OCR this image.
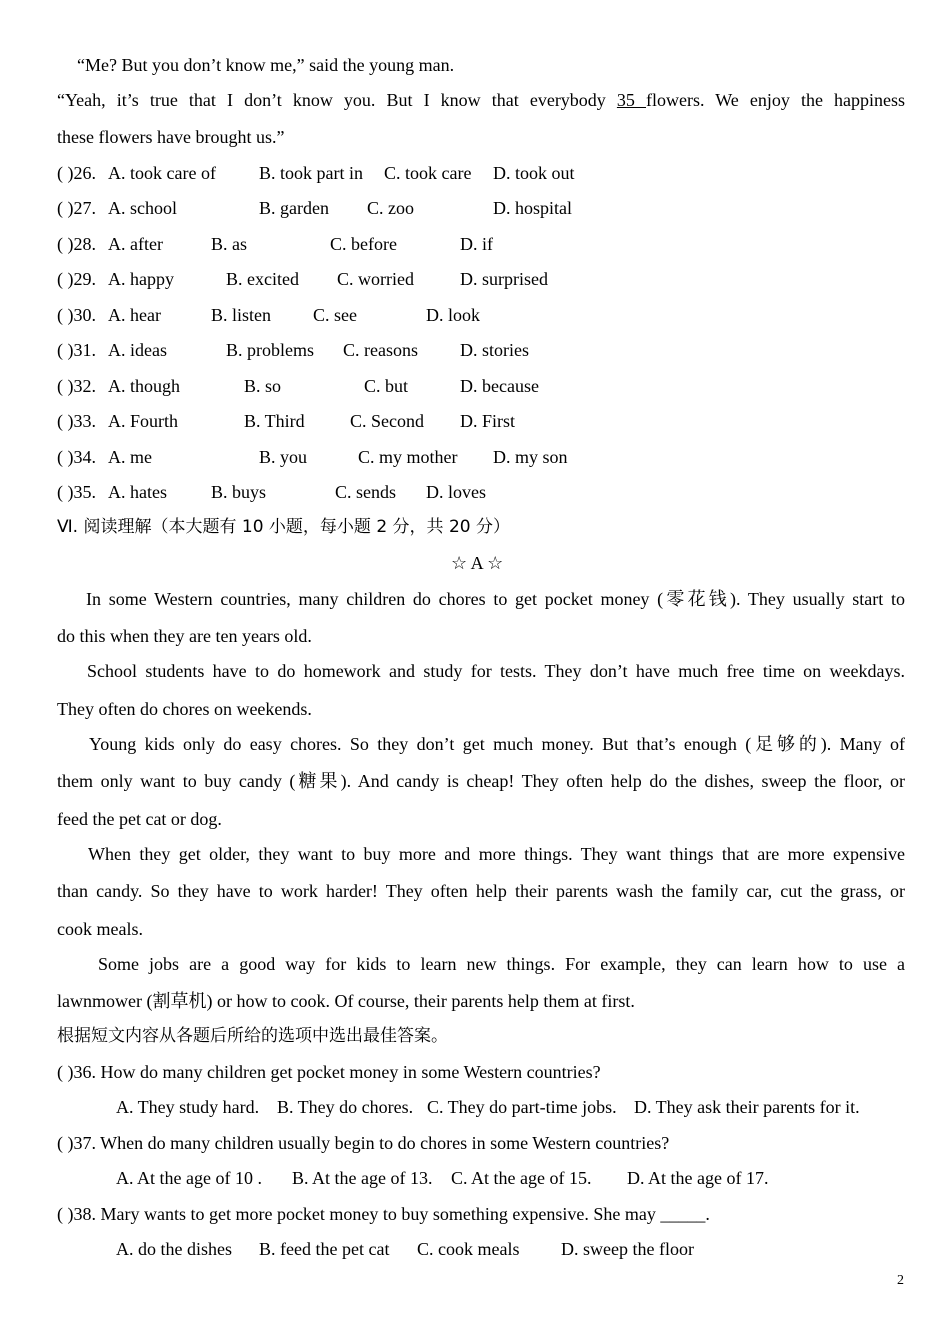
“Me? But you don’t know me,” said the young man.
“Yeah, it’s true that I don’t know you. But I know that everybody 35 flowers. We enjoy the happiness
these flowers have brought us.”
( )26. A. took care of B. took part in C. took care D. took out
( )27. A. school	B. garden C. zoo	D. hospital
( )28. A. after	B. as	C. before	D. if
( )29. A. happy	B. excited C. worried	D. surprised
( )30. A. hear	B. listen C. see	D. look
( )31. A. ideas	B. problems C. reasons D. stories
( )32. A. though	B. so	C. but	D. because
( )33. A. Fourth	B. Third	C. Second D. First
( )34. A. me	B. you	C. my mother D. my son
( )35. A. hates B. buys	C. sends D. loves
Ⅵ. 阅读理解（本大题有 10 小题，每小题 2 分，共 20 分）
☆ A ☆
In some Western countries, many children do chores to get pocket money (零花钱). They usually start to
do this when they are ten years old.
School students have to do homework and study for tests. They don’t have much free time on weekdays.
They often do chores on weekends.
Young kids only do easy chores. So they don’t get much money. But that’s enough (足够的). Many of
them only want to buy candy (糖果). And candy is cheap! They often help do the dishes, sweep the floor, or
feed the pet cat or dog.
When they get older, they want to buy more and more things. They want things that are more expensive
than candy. So they have to work harder! They often help their parents wash the family car, cut the grass, or
cook meals.
Some jobs are a good way for kids to learn new things. For example, they can learn how to use a
lawnmower (割草机) or how to cook. Of course, their parents help them at first.
根据短文内容从各题后所给的选项中选出最佳答案。
( )36. How do many children get pocket money in some Western countries?
A. They study hard. B. They do chores. C. They do part-time jobs. D. They ask their parents for it.
( )37. When do many children usually begin to do chores in some Western countries?
A. At the age of 10 . B. At the age of 13. C. At the age of 15. D. At the age of 17.
( )38. Mary wants to get more pocket money to buy something expensive. She may _____.
A. do the dishes B. feed the pet cat C. cook meals D. sweep the floor
2
